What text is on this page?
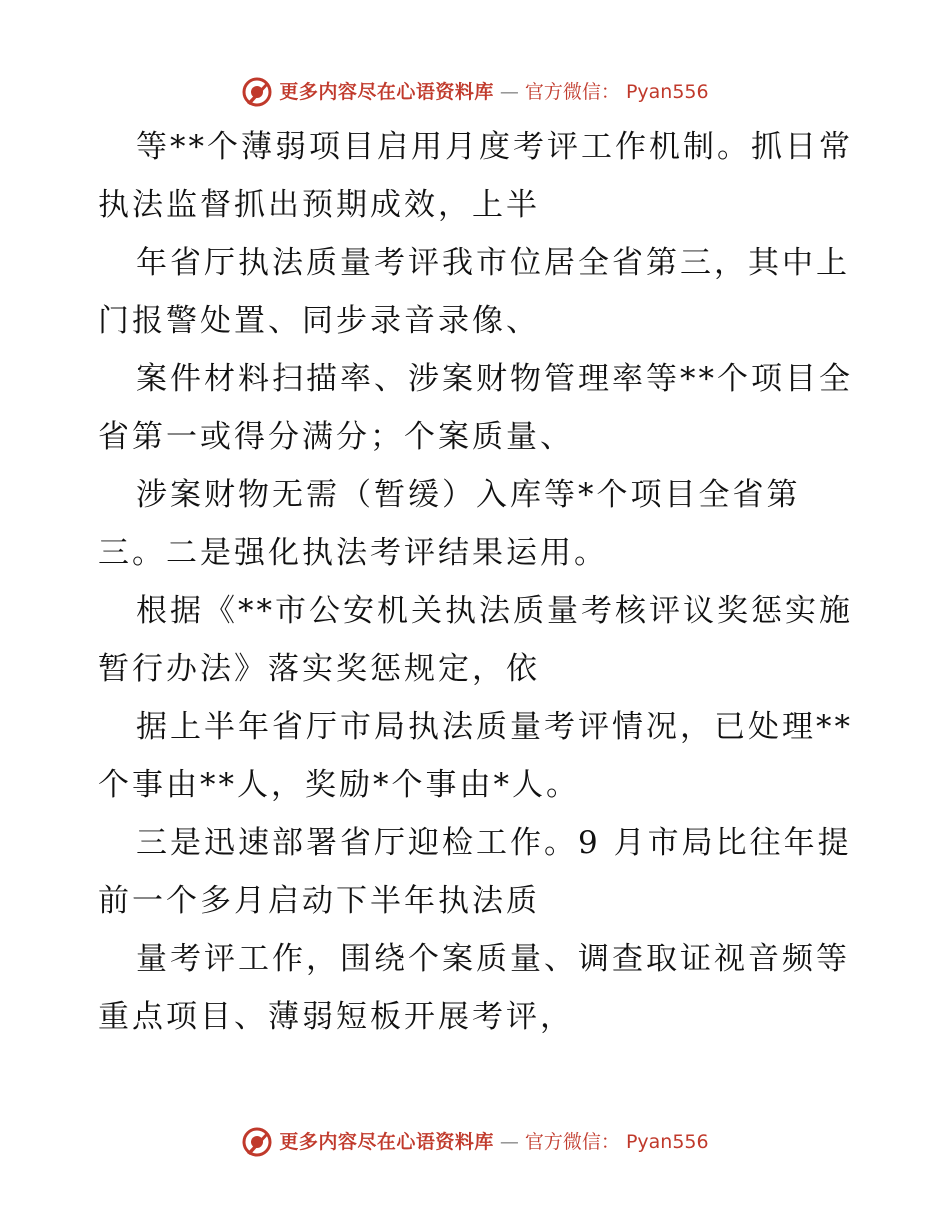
更多内容尽在心语资料库 — 官方微信： Pyan556

等**个薄弱项目启用月度考评工作机制。抓日常执法监督抓出预期成效，上半

年省厅执法质量考评我市位居全省第三，其中上门报警处置、同步录音录像、

案件材料扫描率、涉案财物管理率等**个项目全省第一或得分满分；个案质量、

涉案财物无需（暂缓）入库等*个项目全省第三。二是强化执法考评结果运用。

根据《**市公安机关执法质量考核评议奖惩实施暂行办法》落实奖惩规定，依

据上半年省厅市局执法质量考评情况，已处理**个事由**人，奖励*个事由*人。

三是迅速部署省厅迎检工作。9 月市局比往年提前一个多月启动下半年执法质

量考评工作，围绕个案质量、调查取证视音频等重点项目、薄弱短板开展考评，

更多内容尽在心语资料库 — 官方微信： Pyan556
